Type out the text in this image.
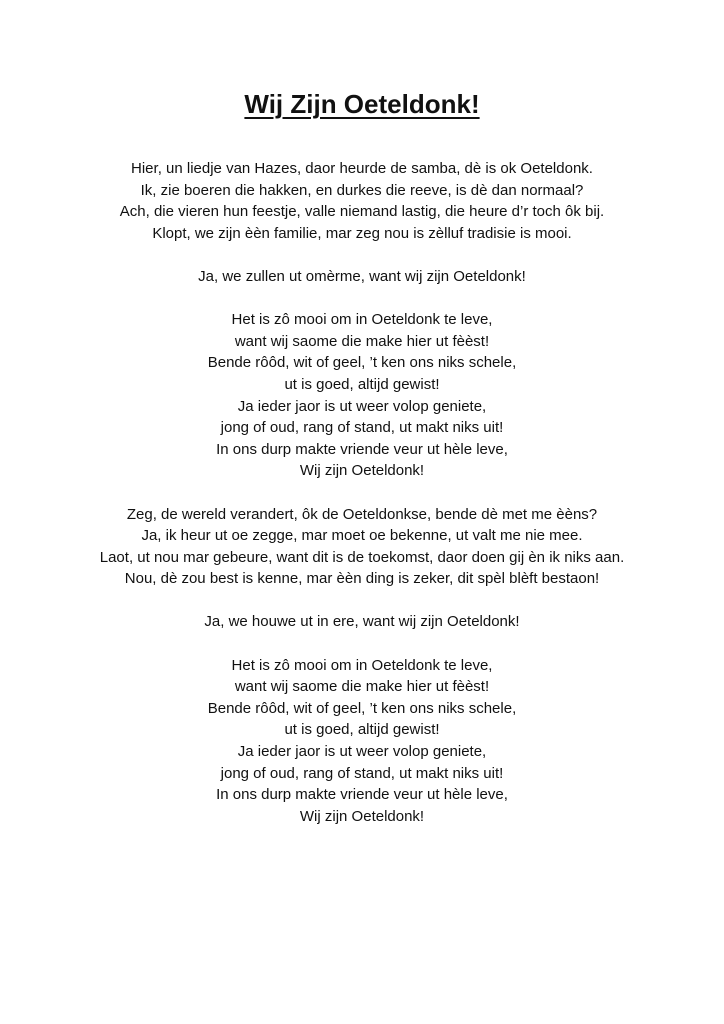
Wij Zijn Oeteldonk!
Hier, un liedje van Hazes, daor heurde de samba, dè is ok Oeteldonk.
Ik, zie boeren die hakken, en durkes die reeve, is dè dan normaal?
Ach, die vieren hun feestje, valle niemand lastig, die heure d’r toch ôk bij.
Klopt, we zijn èèn familie, mar zeg nou is zèlluf tradisie is mooi.
Ja, we zullen ut omèrme, want wij zijn Oeteldonk!
Het is zô mooi om in Oeteldonk te leve,
want wij saome die make hier ut fèèst!
Bende rôôd, wit of geel, ’t ken ons niks schele,
ut is goed, altijd gewist!
Ja ieder jaor is ut weer volop geniete,
jong of oud, rang of stand, ut makt niks uit!
In ons durp makte vriende veur ut hèle leve,
Wij zijn Oeteldonk!
Zeg, de wereld verandert, ôk de Oeteldonkse, bende dè met me èèns?
Ja, ik heur ut oe zegge, mar moet oe bekenne, ut valt me nie mee.
Laot, ut nou mar gebeure, want dit is de toekomst, daor doen gij èn ik niks aan.
Nou, dè zou best is kenne, mar èèn ding is zeker, dit spèl blèft bestaon!
Ja, we houwe ut in ere, want wij zijn Oeteldonk!
Het is zô mooi om in Oeteldonk te leve,
want wij saome die make hier ut fèèst!
Bende rôôd, wit of geel, ’t ken ons niks schele,
ut is goed, altijd gewist!
Ja ieder jaor is ut weer volop geniete,
jong of oud, rang of stand, ut makt niks uit!
In ons durp makte vriende veur ut hèle leve,
Wij zijn Oeteldonk!
